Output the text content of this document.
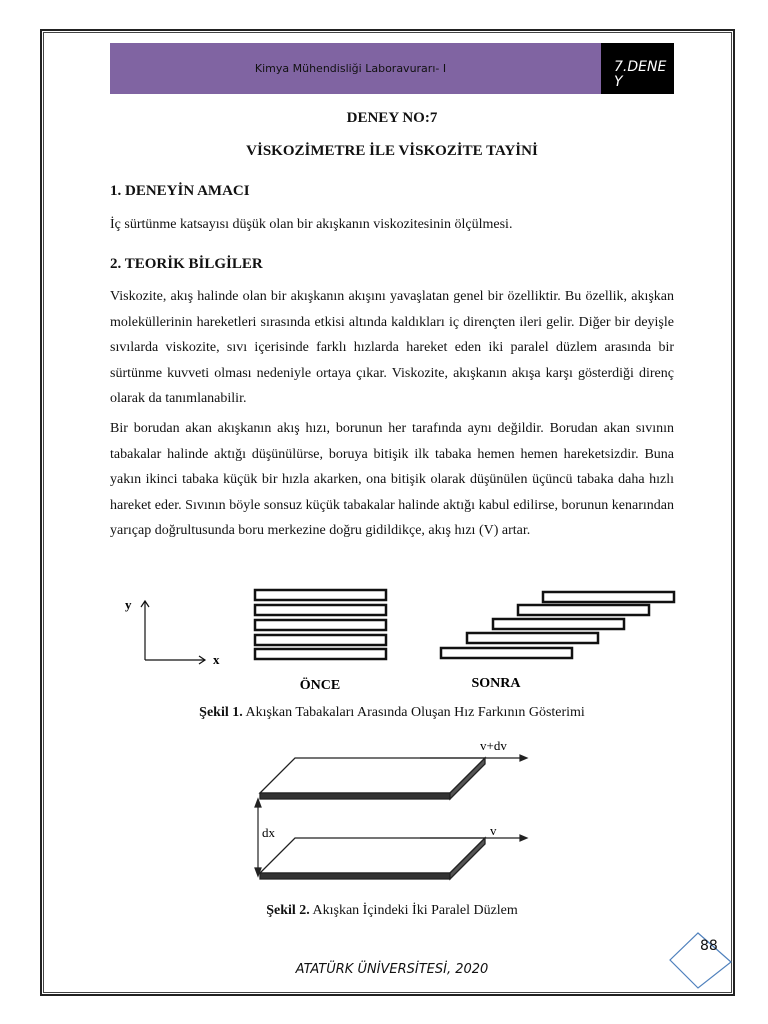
Kimya Mühendisliği Laboravurarı- I	7.DENEY
DENEY NO:7
VİSKOZİMETRE İLE VİSKOZİTE TAYİNİ
1. DENEYİN AMACI

İç sürtünme katsayısı düşük olan bir akışkanın viskozitesinin ölçülmesi.

2. TEORİK BİLGİLER

Viskozite, akış halinde olan bir akışkanın akışını yavaşlatan genel bir özelliktir. Bu özellik, akışkan moleküllerinin hareketleri sırasında etkisi altında kaldıkları iç dirençten ileri gelir. Diğer bir deyişle sıvılarda viskozite, sıvı içerisinde farklı hızlarda hareket eden iki paralel düzlem arasında bir sürtünme kuvveti olması nedeniyle ortaya çıkar. Viskozite, akışkanın akışa karşı gösterdiği direnç olarak da tanımlanabilir.

Bir borudan akan akışkanın akış hızı, borunun her tarafında aynı değildir. Borudan akan sıvının tabakalar halinde aktığı düşünülürse, boruya bitişik ilk tabaka hemen hemen hareketsizdir. Buna yakın ikinci tabaka küçük bir hızla akarken, ona bitişik olarak düşünülen üçüncü tabaka daha hızlı hareket eder. Sıvının böyle sonsuz küçük tabakalar halinde aktığı kabul edilirse, borunun kenarından yarıçap doğrultusunda boru merkezine doğru gidildikçe, akış hızı (V) artar.

y
x
ÖNCE	SONRA
Şekil 1. Akışkan Tabakaları Arasında Oluşan Hız Farkının Gösterimi
v+dv
v
dx
Şekil 2. Akışkan İçindeki İki Paralel Düzlem
ATATÜRK ÜNİVERSİTESİ, 2020
88
